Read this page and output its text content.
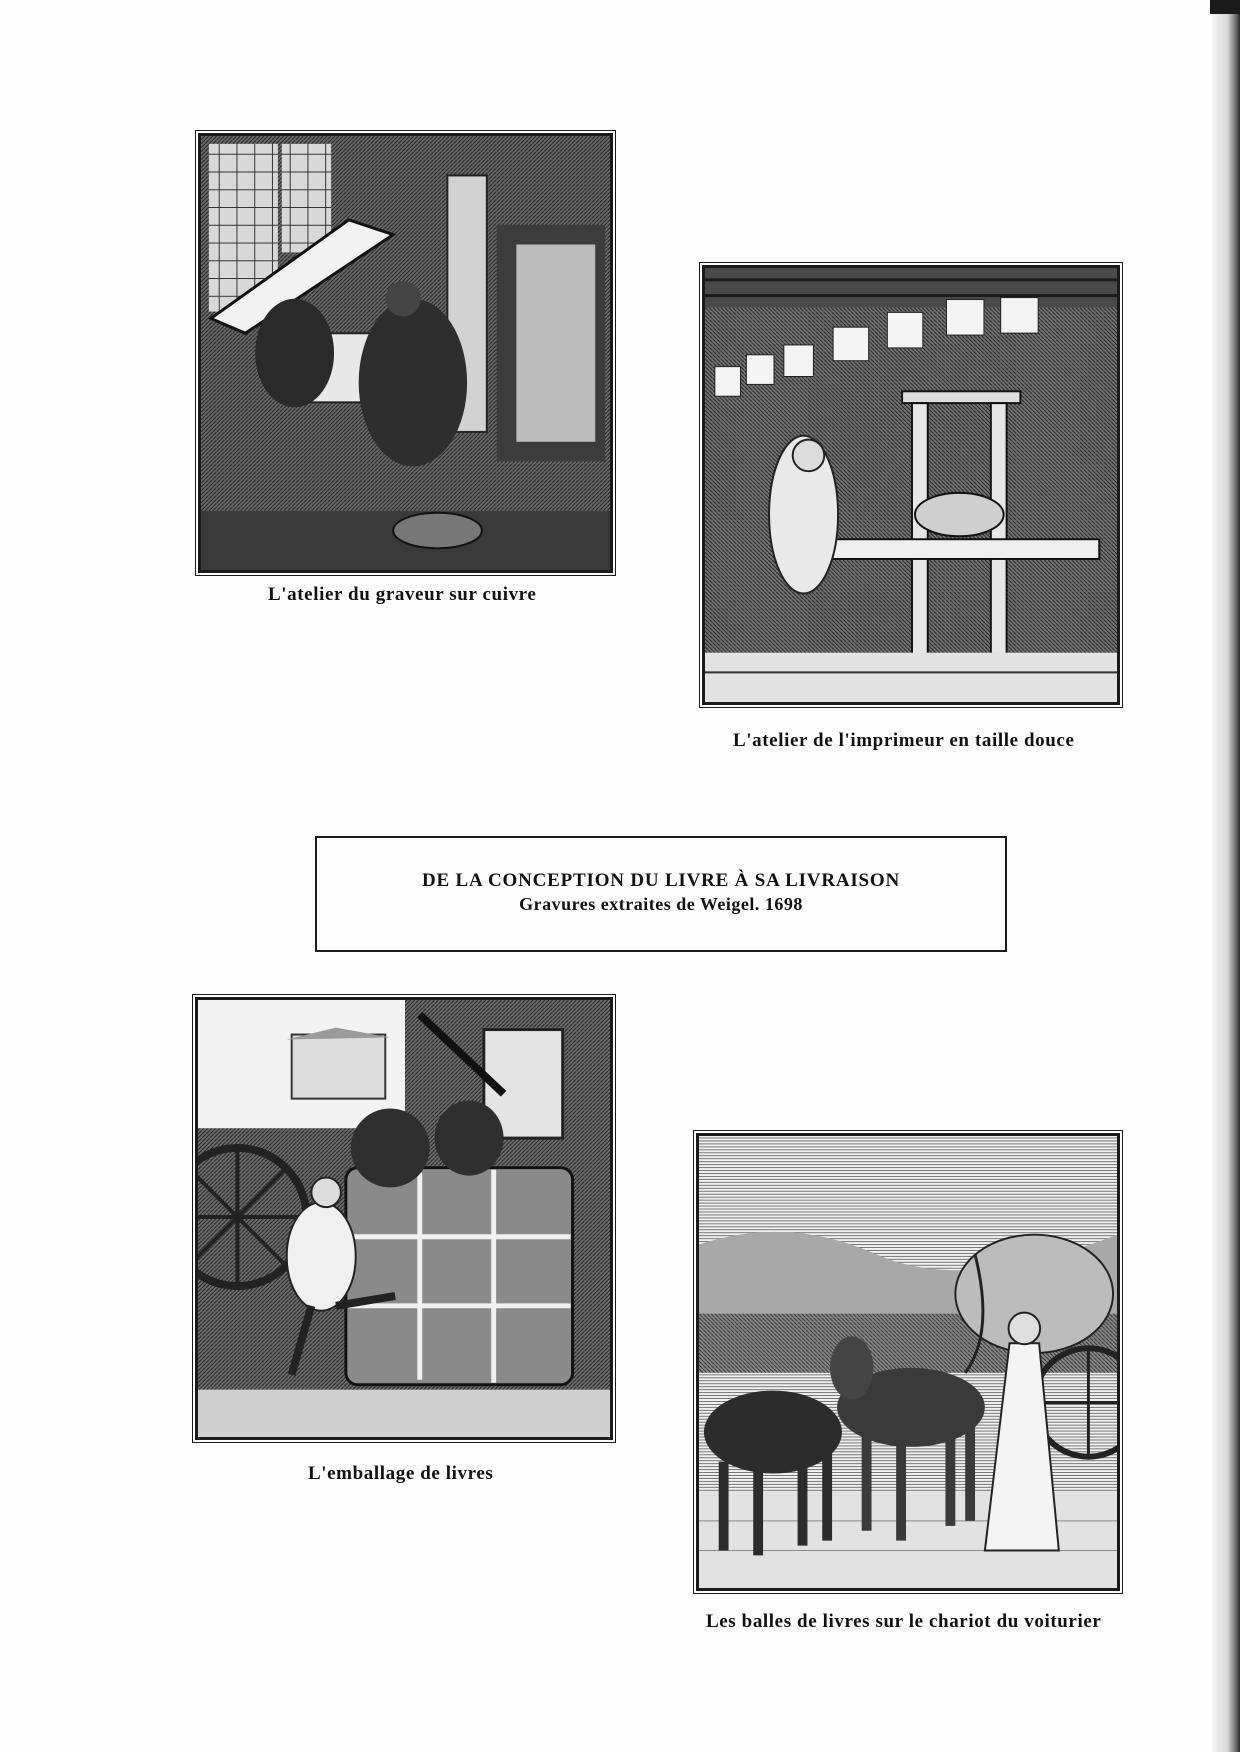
L'atelier du graveur sur cuivre
L'atelier de l'imprimeur en taille douce
DE LA CONCEPTION DU LIVRE À SA LIVRAISON
Gravures extraites de Weigel. 1698
L'emballage de livres
Les balles de livres sur le chariot du voiturier
